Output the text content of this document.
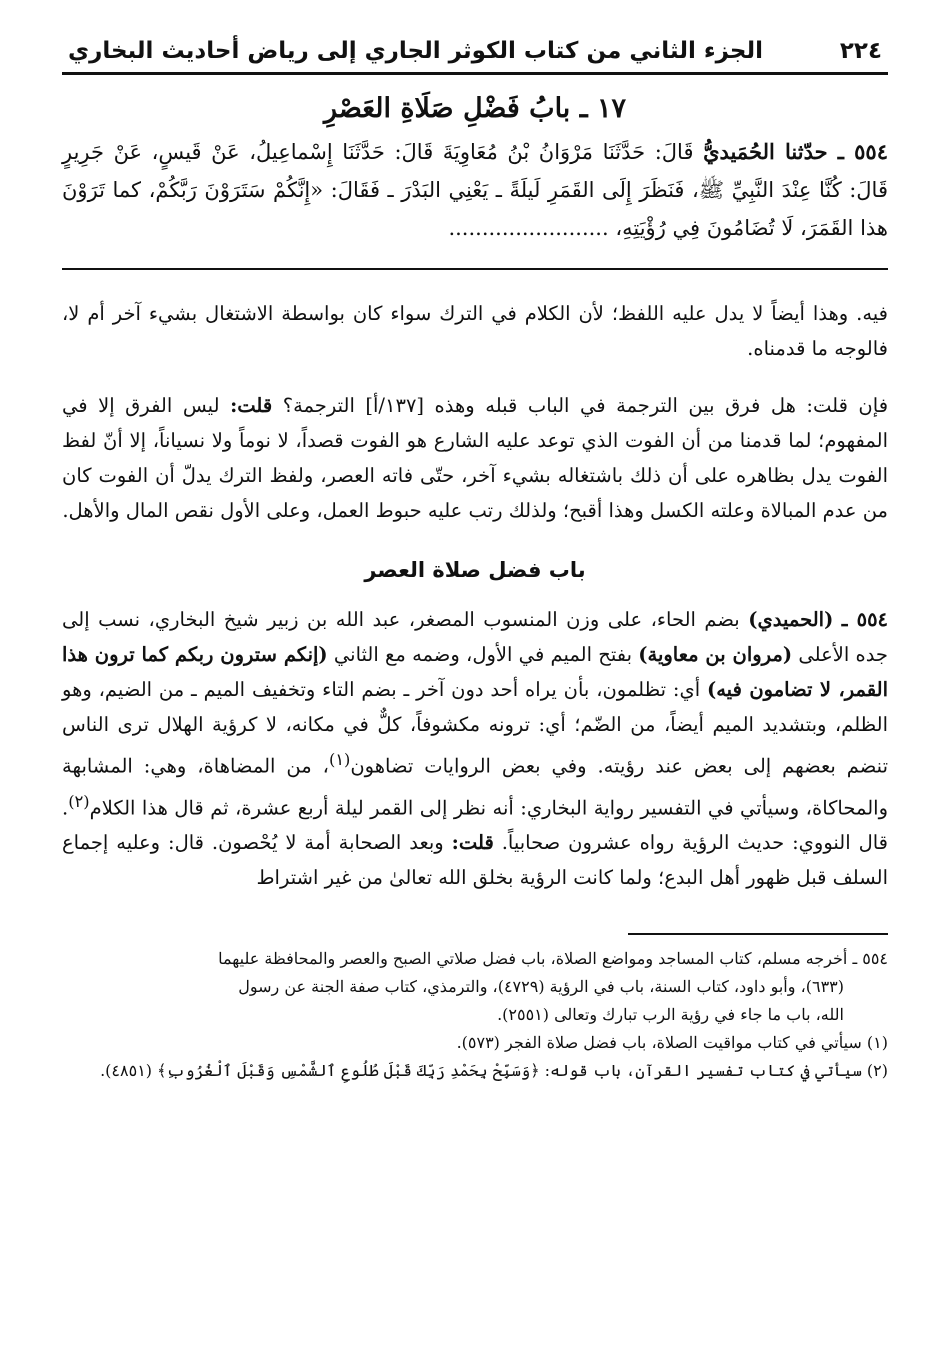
٢٢٤
الجزء الثاني من كتاب الكوثر الجاري إلى رياض أحاديث البخاري
١٧ ـ بابُ فَضْلِ صَلَاةِ العَصْرِ

٥٥٤ ـ حدّثنا الحُمَيديُّ قَالَ: حَدَّثَنَا مَرْوَانُ بْنُ مُعَاوِيَةَ قَالَ: حَدَّثَنَا إِسْماعِيلُ، عَنْ قَيسٍ، عَنْ جَرِيرٍ قَالَ: كُنَّا عِنْدَ النَّبِيِّ ﷺ، فَنَظَرَ إِلَى القَمَرِ لَيلَةً ـ يَعْنِي البَدْرَ ـ فَقَالَ: «إِنَّكُمْ سَتَرَوْنَ رَبَّكُمْ، كما تَرَوْنَ هذا القَمَرَ، لَا تُضَامُونَ فِي رُؤْيَتِهِ، ........................

فيه. وهذا أيضاً لا يدل عليه اللفظ؛ لأن الكلام في الترك سواء كان بواسطة الاشتغال بشيء آخر أم لا، فالوجه ما قدمناه.

فإن قلت: هل فرق بين الترجمة في الباب قبله وهذه [١٣٧/أ] الترجمة؟ قلت: ليس الفرق إلا في المفهوم؛ لما قدمنا من أن الفوت الذي توعد عليه الشارع هو الفوت قصداً، لا نوماً ولا نسياناً، إلا أنّ لفظ الفوت يدل بظاهره على أن ذلك باشتغاله بشيء آخر، حتّى فاته العصر، ولفظ الترك يدلّ أن الفوت كان من عدم المبالاة وعلته الكسل وهذا أقبح؛ ولذلك رتب عليه حبوط العمل، وعلى الأول نقص المال والأهل.

باب فضل صلاة العصر

٥٥٤ ـ (الحميدي) بضم الحاء، على وزن المنسوب المصغر، عبد الله بن زبير شيخ البخاري، نسب إلى جده الأعلى (مروان بن معاوية) بفتح الميم في الأول، وضمه مع الثاني (إنكم سترون ربكم كما ترون هذا القمر، لا تضامون فيه) أي: تظلمون، بأن يراه أحد دون آخر ـ بضم التاء وتخفيف الميم ـ من الضيم، وهو الظلم، وبتشديد الميم أيضاً، من الضّم؛ أي: ترونه مكشوفاً، كلٌّ في مكانه، لا كرؤية الهلال ترى الناس تنضم بعضهم إلى بعض عند رؤيته. وفي بعض الروايات تضاهون$^{(١)}$، من المضاهاة، وهي: المشابهة والمحاكاة، وسيأتي في التفسير رواية البخاري: أنه نظر إلى القمر ليلة أربع عشرة، ثم قال هذا الكلام$^{(٢)}$. قال النووي: حديث الرؤية رواه عشرون صحابياً. قلت: وبعد الصحابة أمة لا يُحْصون. قال: وعليه إجماع السلف قبل ظهور أهل البدع؛ ولما كانت الرؤية بخلق الله تعالىٰ من غير اشتراط

٥٥٤ ـ أخرجه مسلم، كتاب المساجد ومواضع الصلاة، باب فضل صلاتي الصبح والعصر والمحافظة عليهما

(٦٣٣)، وأبو داود، كتاب السنة، باب في الرؤية (٤٧٢٩)، والترمذي، كتاب صفة الجنة عن رسول

الله، باب ما جاء في رؤية الرب تبارك وتعالى (٢٥٥١).

(١) سيأتي في كتاب مواقيت الصلاة، باب فضل صلاة الفجر (٥٧٣).

(٢) سيأتي في كتاب تفسير القرآن، باب قوله: ﴿وَسَبِّحْ بِحَمْدِ رَبِّكَ قَبْلَ طُلُوعِ ٱلشَّمْسِ وَقَبْلَ ٱلْغُرُوبِ﴾ (٤٨٥١).
